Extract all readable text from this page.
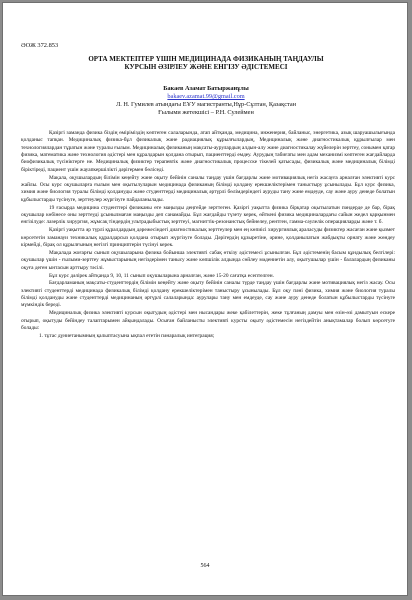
ӘОЖ 372.853
ОРТА МЕКТЕПТЕР ҮШІН МЕДИЦИНАДА ФИЗИКАНЫҢ ТАҢДАУЛЫ
КУРСЫН ӘЗІРЛЕУ ЖӘНЕ ЕНГІЗУ ӘДІСТЕМЕСІ
Бакаев Азамат Батыржанұлы
bakaev.azamat.99@gmail.com
Л. Н. Гумилев атындағы ЕҰУ магистранты,Нұр-Сұлтан, Қазақстан
Ғылыми жетекшісі – Р.Н. Сулеймен

Қазіргі заманда физика біздің өміріміздің көптеген салаларында, атап айтқанда, медицина, инженерия, байланыс, энергетика, азық шаруашылығында қолданыс тапқан. Медициналық физика-бұл физикалық және радиациялық құрылғылардың, Медициналық және диагностикалық құрылғылар мен технологиялардан тұратын және туралы ғылым. Медициналық физиканың мақсаты-аурулардың алдын-алу және диагностикалау жүйелерін зерттеу, сонымен қатар физика, математика және технология әдістері мен құралдарын қолдана отырып, пациенттерді емдеу. Аурудың табиғаты мен адам механизмі көптеген жағдайларда биофизикалық түсініктерге не. Медициналық физиктер терапевтік және диагностикалық процесске тікелей қатысады, физикалық және медициналық білімді біріктіреді, пациент үшін жауапкершілікті дәрігермен бөліседі.

Мақала, оқушылардың білімін кеңейту және оқыту бейінін саналы таңдау үшін бағдарлы және мотивациялық негіз жасауға арналған элективті курс жайлы. Осы курс оқушыларға ғылым мен оқытылуларын медицинада физиканың білімді қолдану ерекшеліктерімен таныстыру ұсынылады. Бұл курс физика, химия және биология туралы білімді қолдануды және студенттерді медициналық әртүрлі бөлімдеріндегі ауруды тану және емдеуде, сау және ауру денеде болатын құбылыстарды түсінуге, зерттеулер жүргізуге пайдаланылады.

19 ғасырда медицина студенттері физиканы өте маңызды деңгейде зерттеген. Қазіргі уақытта физика бірқатар оқытылатын пәндерде де бар, бірақ оқушылар көбінесе оны зерттеуді ұсынылмаған маңызды деп санамайды. Бұл жағдайды түзету керек, өйткені физика медициналардағы сайын жедел қарқынмен енгізілуде: лазерлік хирургия, жұмсақ тіндердің ультрадыбыстық зерттеуі, магниттік-резонанстық бейнелеу, рентген, гамма-сәулелік операцияларды және т. б.

Қазіргі уақытта әр түрлі құралдардың дәрежесіндегі диагностикалық зерттеулер мен ең көпиісі хирургиялық араласуды физиктер жасаған және қызмет көрсететін заманауи техникалық құралдарсыз қолдана отырып жүргізуге болады. Дәрігердің құзыретіне, әрине, қолданылатын жабдықты орнату және жөндеу кірмейді, бірақ ол құрылғының негізгі принциптерін түсінуі керек.

Мақалада жоғарғы сынып оқушыларына физика бойынша элективті сабақ өткізу әдістемесі ұсынылған. Бұл әдістеменің басым құндылық белгілері: оқушылар үшін - ғылыми-зерттеу жұмыстарының негіздерімен танысу және көпшілік алдында сөйлеу мәдениетін алу, оқытушылар үшін - балалардың физиканы оқуға деген ынтасын арттыру тәсілі.

Бұл курс дәлірек айтқанда 9, 10, 11 сынып оқушыларына арналған, және 15-20 сағатқа есептелген.

Бағдарламаның мақсаты-студенттердің білімін кеңейту және оқыту бейінін саналы түрде таңдау үшін бағдарлы және мотивациялық негіз жасау. Осы элективті студенттерді медицинада физикалық білімді қолдану ерекшеліктерімен таныстыру ұсынылады. Бұл оқу пәні физика, химия және биология туралы білімді қолдануды және студенттерді медицинаның әртүрлі салаларында: аурулары тану мен емдеуде, сау және ауру денеде болатын құбылыстарды түсінуге мүмкіндік береді.

Медициналық физика элективті курсын оқытудың әдістері мен нысандары жеке қабілеттерін, жеке тұлғаның дамуы мен өзін-өзі дамытуын ескере отырып, оқытуды бейіндеу талаптарымен айқындалады. Осыған байланысты элективті курсты оқыту әдістемесін негіздейтін анықтамалар болып көрсетуге болады:

1. тұтас дүниетанымның қалыптасуына ықпал ететін пәнаралық интеграция;

564
